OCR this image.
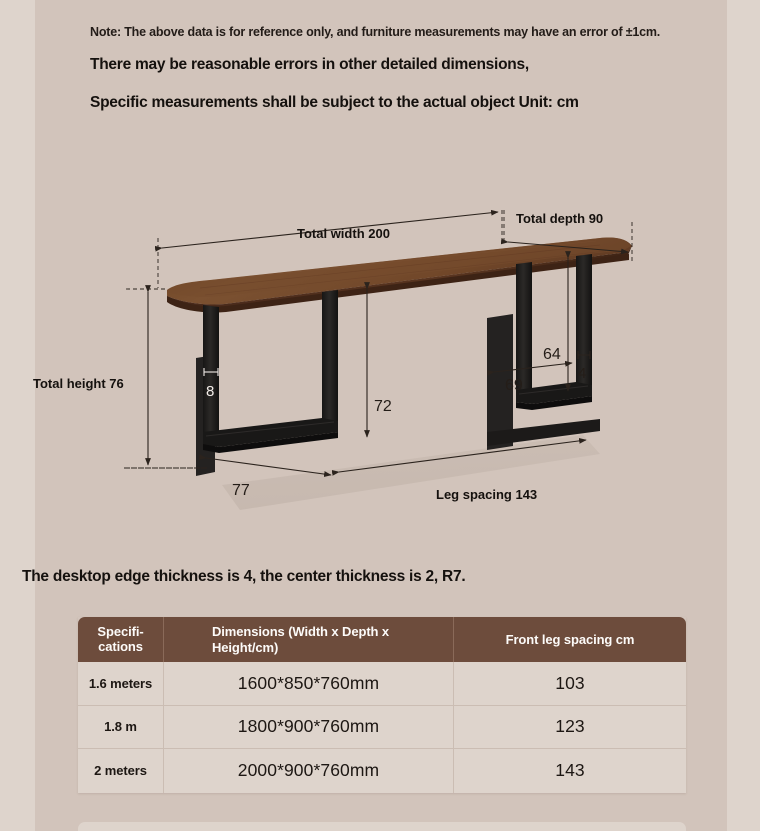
Note: The above data is for reference only, and furniture measurements may have an error of ±1cm.
There may be reasonable errors in other detailed dimensions,
Specific measurements shall be subject to the actual object Unit: cm
Total width 200
Total depth 90
Total height 76	8
72
64
4
69
77	Leg spacing 143
The desktop edge thickness is 4, the center thickness is 2, R7.
Specifi-
cations	Dimensions (Width x Depth x
Height/cm)	Front leg spacing cm
1.6 meters	1600*850*760mm	103
1.8 m	1800*900*760mm	123
2 meters	2000*900*760mm	143
